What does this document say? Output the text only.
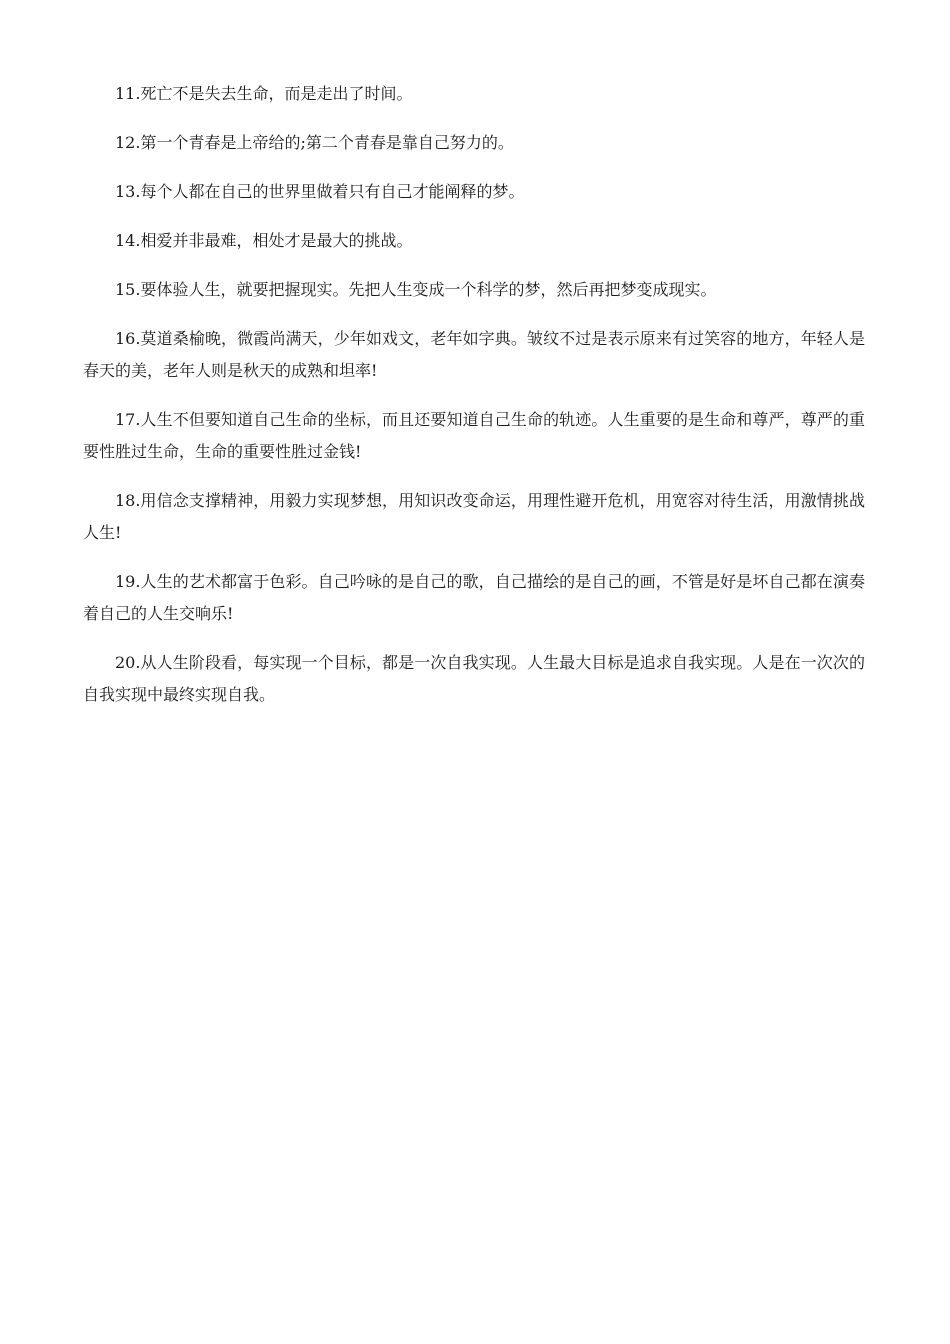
11.死亡不是失去生命，而是走出了时间。

12.第一个青春是上帝给的;第二个青春是靠自己努力的。

13.每个人都在自己的世界里做着只有自己才能阐释的梦。

14.相爱并非最难，相处才是最大的挑战。

15.要体验人生，就要把握现实。先把人生变成一个科学的梦，然后再把梦变成现实。

16.莫道桑榆晚，微霞尚满天，少年如戏文，老年如字典。皱纹不过是表示原来有过笑容的地方，年轻人是春天的美，老年人则是秋天的成熟和坦率!

17.人生不但要知道自己生命的坐标，而且还要知道自己生命的轨迹。人生重要的是生命和尊严，尊严的重要性胜过生命，生命的重要性胜过金钱!

18.用信念支撑精神，用毅力实现梦想，用知识改变命运，用理性避开危机，用宽容对待生活，用激情挑战人生!

19.人生的艺术都富于色彩。自己吟咏的是自己的歌，自己描绘的是自己的画，不管是好是坏自己都在演奏着自己的人生交响乐!

20.从人生阶段看，每实现一个目标，都是一次自我实现。人生最大目标是追求自我实现。人是在一次次的自我实现中最终实现自我。
